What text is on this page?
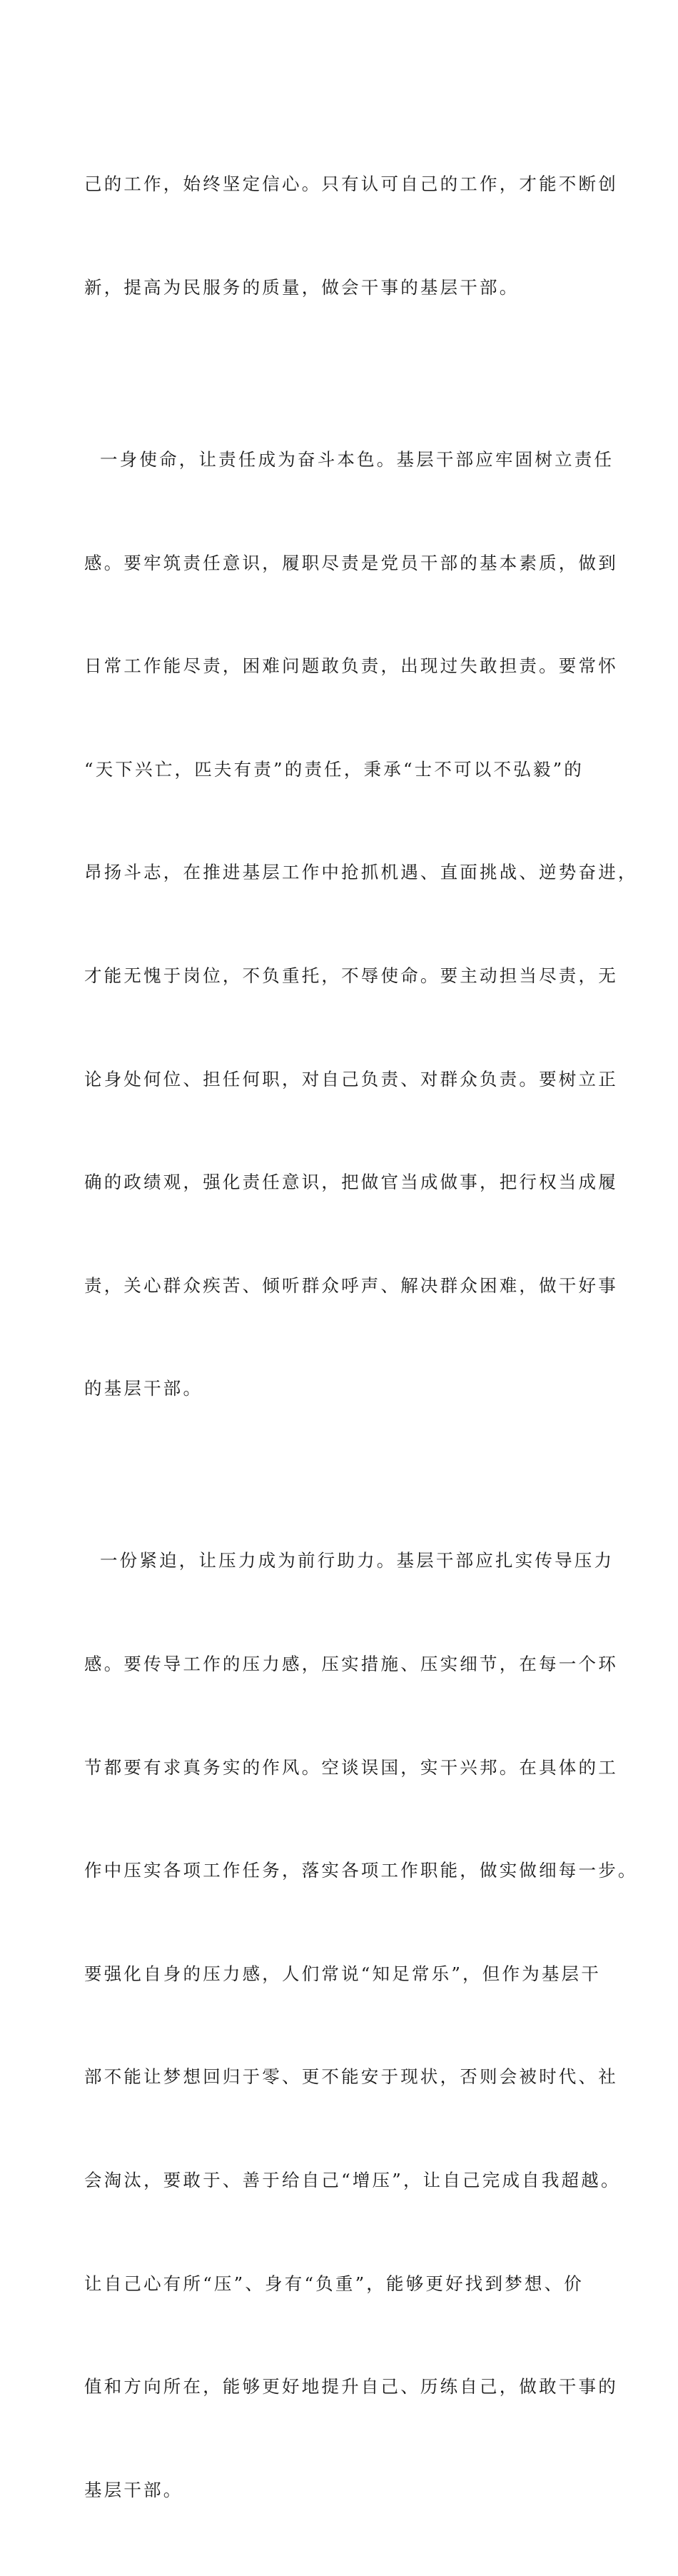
己的工作，始终坚定信心。只有认可自己的工作，才能不断创

新，提高为民服务的质量，做会干事的基层干部。

一身使命，让责任成为奋斗本色。基层干部应牢固树立责任

感。要牢筑责任意识，履职尽责是党员干部的基本素质，做到

日常工作能尽责，困难问题敢负责，出现过失敢担责。要常怀

“天下兴亡，匹夫有责”的责任，秉承“士不可以不弘毅”的

昂扬斗志，在推进基层工作中抢抓机遇、直面挑战、逆势奋进，

才能无愧于岗位，不负重托，不辱使命。要主动担当尽责，无

论身处何位、担任何职，对自己负责、对群众负责。要树立正

确的政绩观，强化责任意识，把做官当成做事，把行权当成履

责，关心群众疾苦、倾听群众呼声、解决群众困难，做干好事

的基层干部。

一份紧迫，让压力成为前行助力。基层干部应扎实传导压力

感。要传导工作的压力感，压实措施、压实细节，在每一个环

节都要有求真务实的作风。空谈误国，实干兴邦。在具体的工

作中压实各项工作任务，落实各项工作职能，做实做细每一步。

要强化自身的压力感，人们常说“知足常乐”，但作为基层干

部不能让梦想回归于零、更不能安于现状，否则会被时代、社

会淘汰，要敢于、善于给自己“增压”，让自己完成自我超越。

让自己心有所“压”、身有“负重”，能够更好找到梦想、价

值和方向所在，能够更好地提升自己、历练自己，做敢干事的

基层干部。
